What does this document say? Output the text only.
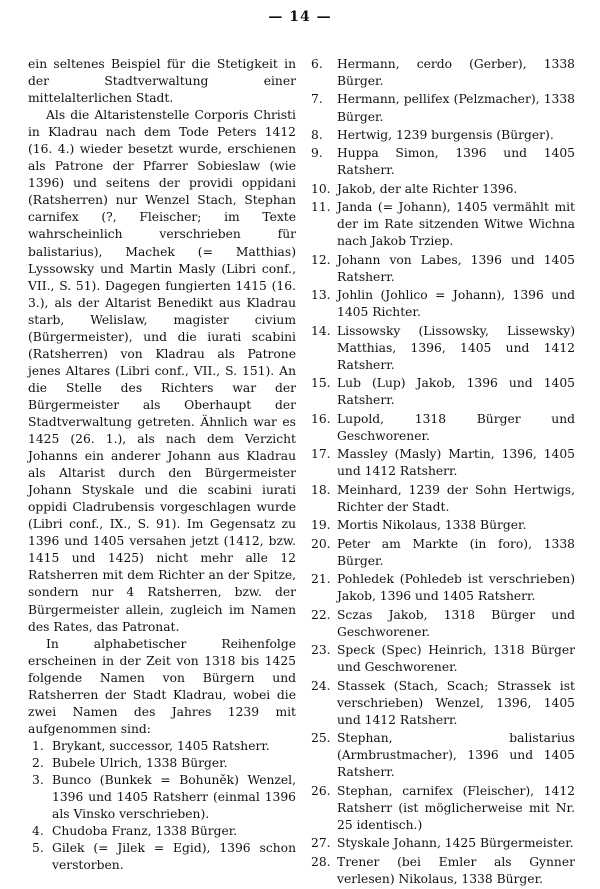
— 14 —

ein seltenes Beispiel für die Stetigkeit in der Stadtverwaltung einer mittelalterlichen Stadt.

Als die Altaristenstelle Corporis Christi in Kladrau nach dem Tode Peters 1412 (16. 4.) wieder besetzt wurde, erschienen als Patrone der Pfarrer Sobieslaw (wie 1396) und seitens der providi oppidani (Ratsherren) nur Wenzel Stach, Stephan carnifex (?, Fleischer; im Texte wahrscheinlich verschrieben für balistarius), Machek (= Matthias) Lyssowsky und Martin Masly (Libri conf., VII., S. 51). Dagegen fungierten 1415 (16. 3.), als der Altarist Benedikt aus Kladrau starb, Welislaw, magister civium (Bürgermeister), und die iurati scabini (Ratsherren) von Kladrau als Patrone jenes Altares (Libri conf., VII., S. 151). An die Stelle des Richters war der Bürgermeister als Oberhaupt der Stadtverwaltung getreten. Ähnlich war es 1425 (26. 1.), als nach dem Verzicht Johanns ein anderer Johann aus Kladrau als Altarist durch den Bürgermeister Johann Styskale und die scabini iurati oppidi Cladrubensis vorgeschlagen wurde (Libri conf., IX., S. 91). Im Gegensatz zu 1396 und 1405 versahen jetzt (1412, bzw. 1415 und 1425) nicht mehr alle 12 Ratsherren mit dem Richter an der Spitze, sondern nur 4 Ratsherren, bzw. der Bürgermeister allein, zugleich im Namen des Rates, das Patronat.

In alphabetischer Reihenfolge erscheinen in der Zeit von 1318 bis 1425 folgende Namen von Bürgern und Ratsherren der Stadt Kladrau, wobei die zwei Namen des Jahres 1239 mit aufgenommen sind:

1. Brykant, successor, 1405 Ratsherr.
2. Bubele Ulrich, 1338 Bürger.
3. Bunco (Bunkek = Bohuněk) Wenzel, 1396 und 1405 Ratsherr (einmal 1396 als Vinsko verschrieben).
4. Chudoba Franz, 1338 Bürger.
5. Gilek (= Jilek = Egid), 1396 schon verstorben.
6. Hermann, cerdo (Gerber), 1338 Bürger.
7. Hermann, pellifex (Pelzmacher), 1338 Bürger.
8. Hertwig, 1239 burgensis (Bürger).
9. Huppa Simon, 1396 und 1405 Ratsherr.
10. Jakob, der alte Richter 1396.
11. Janda (= Johann), 1405 vermählt mit der im Rate sitzenden Witwe Wichna nach Jakob Trziep.
12. Johann von Labes, 1396 und 1405 Ratsherr.
13. Johlin (Johlico = Johann), 1396 und 1405 Richter.
14. Lissowsky (Lissowsky, Lissewsky) Matthias, 1396, 1405 und 1412 Ratsherr.
15. Lub (Lup) Jakob, 1396 und 1405 Ratsherr.
16. Lupold, 1318 Bürger und Geschworener.
17. Massley (Masly) Martin, 1396, 1405 und 1412 Ratsherr.
18. Meinhard, 1239 der Sohn Hertwigs, Richter der Stadt.
19. Mortis Nikolaus, 1338 Bürger.
20. Peter am Markte (in foro), 1338 Bürger.
21. Pohledek (Pohledeb ist verschrieben) Jakob, 1396 und 1405 Ratsherr.
22. Sczas Jakob, 1318 Bürger und Geschworener.
23. Speck (Spec) Heinrich, 1318 Bürger und Geschworener.
24. Stassek (Stach, Scach; Strassek ist verschrieben) Wenzel, 1396, 1405 und 1412 Ratsherr.
25. Stephan, balistarius (Armbrustmacher), 1396 und 1405 Ratsherr.
26. Stephan, carnifex (Fleischer), 1412 Ratsherr (ist möglicherweise mit Nr. 25 identisch.)
27. Styskale Johann, 1425 Bürgermeister.
28. Trener (bei Emler als Gynner verlesen) Nikolaus, 1338 Bürger.
